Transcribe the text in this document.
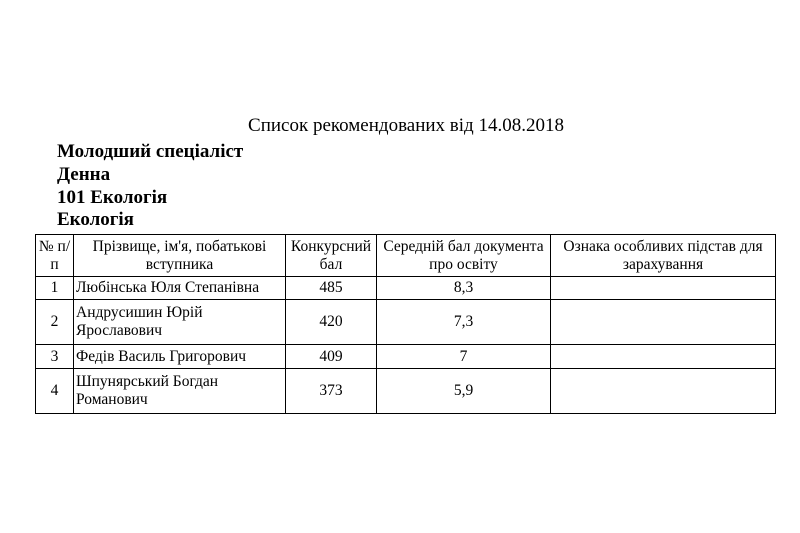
Список рекомендованих від 14.08.2018
Молодший спеціаліст
Денна
101 Екологія
Екологія
№ п/п	Прізвище, ім'я, побатькові вступника	Конкурсний бал	Середній бал документа про освіту	Ознака особливих підстав для зарахування
1	Любінська Юля Степанівна	485	8,3	
2	Андрусишин Юрій Ярославович	420	7,3	
3	Федів Василь Григорович	409	7	
4	Шпунярський Богдан Романович	373	5,9	
